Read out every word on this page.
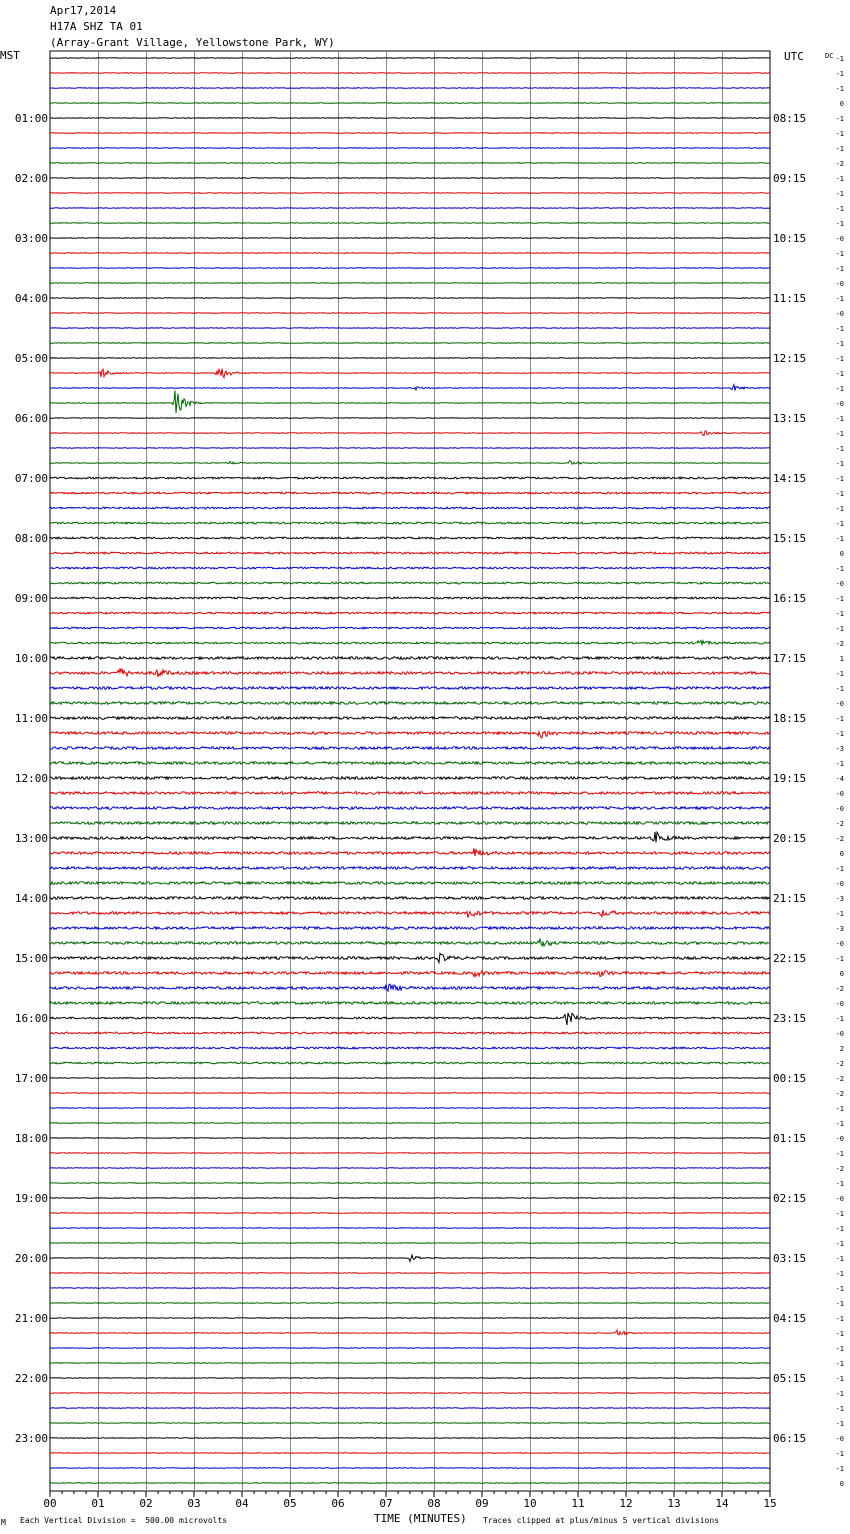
Apr17,2014
H17A SHZ TA 01
(Array-Grant Village, Yellowstone Park, WY)
MST	UTC	DC -1
-1
-1
0
-1
-1
-1
-2
-1
-1
-1
-1
-0
-1
-1
-0
-1
-0
-1
-1
-1
-1
-1
-0
-1
-1
-1
-1
-1
-1
-1
-1
-1
0
-1
-0
-1
-1
-1
-2
1
-1
-1
-0
-1
-1
-3
-1
-4
-0
-0
-2
-2
0
-1
-0
-3
-1
-3
-0
-1
0
-2
-0
-1
-0
2
-2
-2
-2
-1
-1
-0
-1
-2
-1
-0
-1
-1
-1
-1
-1
-1
-1
-1
-1
-1
-1
-1
-1
-1
-1
-0
-1
-1
0
01:00	08:15
02:00	09:15
03:00	10:15
04:00	11:15
05:00	12:15
06:00	13:15
07:00	14:15
08:00	15:15
09:00	16:15
10:00	17:15
11:00	18:15
12:00	19:15
13:00	20:15
14:00	21:15
15:00	22:15
16:00	23:15
17:00	00:15
18:00	01:15
19:00	02:15
20:00	03:15
21:00	04:15
22:00	05:15
23:00	06:15
00	01	02	03	04	05	06	07	08	09	10	11	12	13	14	15
M Each Vertical Division =  500.00 microvolts	TIME (MINUTES) Traces clipped at plus/minus 5 vertical divisions
